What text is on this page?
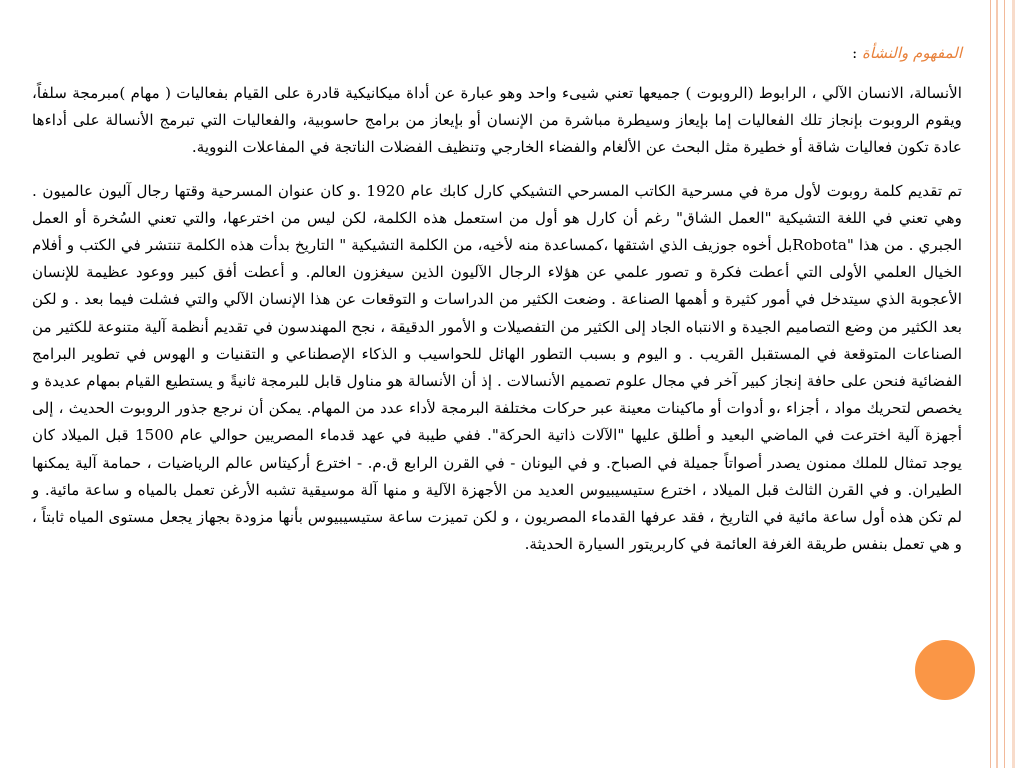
المفهوم والنشأة :

الأنسالة، الانسان الآلي ، الرابوط (الروبوت ) جميعها تعني شيىء واحد وهو عبارة عن أداة ميكانيكية قادرة على القيام بفعاليات ( مهام )مبرمجة سلفاً، ويقوم الروبوت بإنجاز تلك الفعاليات إما بإيعاز وسيطرة مباشرة من الإنسان أو بإيعاز من برامج حاسوبية، والفعاليات التي تبرمج الأنسالة على أداءها عادة تكون فعاليات شاقة أو خطيرة مثل البحث عن الألغام والفضاء الخارجي وتنظيف الفضلات الناتجة في المفاعلات النووية.

تم تقديم كلمة روبوت لأول مرة في مسرحية الكاتب المسرحي التشيكي كارل كابك عام 1920 .و كان عنوان المسرحية وقتها رجال آليون عالميون . وهي تعني في اللغة التشيكية "العمل الشاق" رغم أن كارل هو أول من استعمل هذه الكلمة، لكن ليس من اخترعها، والتي تعني السُخرة أو العمل الجبري . من هذا "Robotaبل أخوه جوزيف الذي اشتقها ،كمساعدة منه لأخيه، من الكلمة التشيكية " التاريخ بدأت هذه الكلمة تنتشر في الكتب و أفلام الخيال العلمي الأولى التي أعطت فكرة و تصور علمي عن هؤلاء الرجال الآليون الذين سيغزون العالم. و أعطت أفق كبير ووعود عظيمة للإنسان الأعجوبة الذي سيتدخل في أمور كثيرة و أهمها الصناعة . وضعت الكثير من الدراسات و التوقعات عن هذا الإنسان الآلي والتي فشلت فيما بعد . و لكن بعد الكثير من وضع التصاميم الجيدة و الانتباه الجاد إلى الكثير من التفصيلات و الأمور الدقيقة ، نجح المهندسون في تقديم أنظمة آلية متنوعة للكثير من الصناعات المتوقعة في المستقبل القريب . و اليوم و بسبب التطور الهائل للحواسيب و الذكاء الإصطناعي و التقنيات و الهوس في تطوير البرامج الفضائية فنحن على حافة إنجاز كبير آخر في مجال علوم تصميم الأنسالات . إذ أن الأنسالة هو مناول قابل للبرمجة ثانيةً و يستطيع القيام بمهام عديدة و يخصص لتحريك مواد ، أجزاء ،و أدوات أو ماكينات معينة عبر حركات مختلفة البرمجة لأداء عدد من المهام. يمكن أن نرجع جذور الروبوت الحديث ، إلى أجهزة آلية اخترعت في الماضي البعيد و أطلق عليها "الآلات ذاتية الحركة". ففي طيبة في عهد قدماء المصريين حوالي عام 1500 قبل الميلاد كان يوجد تمثال للملك ممنون يصدر أصواتاً جميلة في الصباح. و في اليونان - في القرن الرابع ق.م. - اخترع أركيتاس عالم الرياضيات ، حمامة آلية يمكنها الطيران. و في القرن الثالث قبل الميلاد ، اخترع ستيسيبيوس العديد من الأجهزة الآلية و منها آلة موسيقية تشبه الأرغن تعمل بالمياه و ساعة مائية. و لم تكن هذه أول ساعة مائية في التاريخ ، فقد عرفها القدماء المصريون ، و لكن تميزت ساعة ستيسيبيوس بأنها مزودة بجهاز يجعل مستوى المياه ثابتاً ، و هي تعمل بنفس طريقة الغرفة العائمة في كاربريتور السيارة الحديثة.
